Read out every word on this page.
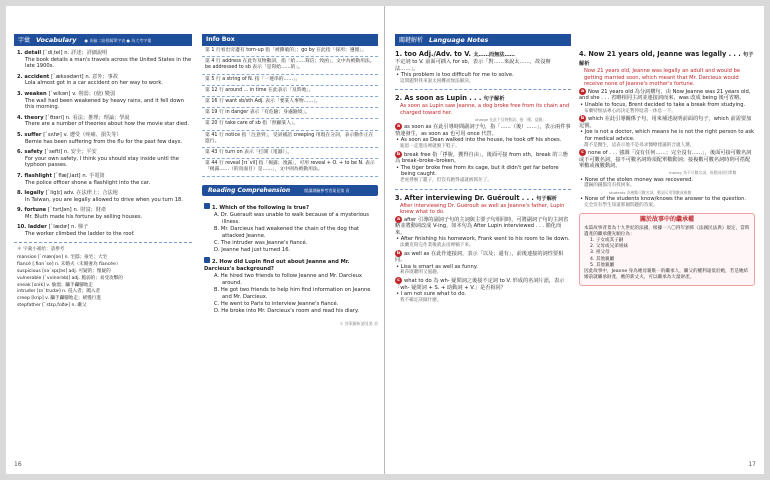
字彙 Vocabulary ● 英檢二級相關單字表 ● 為大考字彙
1. detail [ˋdiˌtel] n. 詳述；詳細說明
The book details a man's travels across the United States in the late 1900s.
2. accident [ˋæksədənt] n. 意外；事故
Lola almost got in a car accident on her way to work.
3. weaken [ˋwikən] v. 削弱；(使) 變弱
The wall had been weakened by heavy rains, and it fell down this morning.
4. theory [ˋθɪəri] n. 看法；推理；理論；學說
There are a number of theories about how the movie star died.
5. suffer [ˋsʌfɚ] v. 遭受（疼痛、損失等）
Bernie has been suffering from the flu for the past few days.
6. safety [ˋsefti] n. 安全；平安
For your own safety, I think you should stay inside until the typhoon passes.
7. flashlight [ˋflæʃˌlaɪt] n. 手電筒
The police officer shone a flashlight into the car.
8. legally [ˋligḷɪ] adv. 在法律上；合法地
In Taiwan, you are legally allowed to drive when you turn 18.
9. fortune [ˋfɔrtʃən] n. 財富；財產
Mr. Bluth made his fortune by selling houses.
10. ladder [ˋlædɚ] n. 梯子
The worker climbed the ladder to the roof.
＊ 字彙小補給：請參考
mansion [ˋmænʃən] n. 宅邸；豪宅；大宅
fiancé [ˌfiɑnˋse] n. 未婚夫（未婚妻為 fiancée）
suspicious [səˋspɪʃəs] adj. 可疑的；懷疑的
vulnerable [ˋvʌlnərəbḷ] adj. 脆弱的；易受攻擊的
sneak [snik] v. 偷溜；躡手躡腳地走
intruder [ɪnˋtrudɚ] n. 侵入者；闖入者
creep [krip] v. 躡手躡腳地走；緩慢行進
stepfather [ˋstɛpˌfɑðɚ] n. 繼父
Info Box
第 1 行看出旁邊有 torn-up 指「被撕破的」；go by 在此指「採用；遵循」。
第 4 行 address 在此作及物動詞，指「給……寫信；致函」，文中為被動用法。be addressed to sb 表示「是寫給……的」。
第 5 行 a string of N. 指「一連串的……」。
第 12 行 around ... in time 在此表示「及時地」。
第 16 行 want sb/sth Adj. 表示「要某人事物……」。
第 19 行 in danger 表示「有危險；身處險境」。
第 20 行 take care of sb 指「照顧某人」。
第 41 行 notice 指「注意到」，受詞補語 creeping 用現在分詞，表示動作正在進行。
第 43 行 turn on 表示「打開（電器）」。
第 44 行 reveal [rɪˋvil] 指「揭露；洩露」，可用 reveal + O. + to be N. 表示「揭露……（的真面目）是……」，文中則為被動用法。
Reading Comprehension	閱讀測驗參考答案見第 頁
1. Which of the following is true?
A. Dr. Guérault was unable to walk because of a mysterious illness.
B. Mr. Darcieux had weakened the chain of the dog that attacked Jeanne.
C. The intruder was Jeanne's fiancé.
D. Jeanne had just turned 16.
2. How did Lupin find out about Jeanne and Mr. Darcieux's background?
A. He hired two friends to follow Jeanne and Mr. Darcieux around.
B. He got two friends to help him find information on Jeanne and Mr. Darcieux.
C. He went to Paris to interview Jeanne's fiancé.
D. He broke into Mr. Darcieux's room and read his diary.
＊ 答案解析請見第 頁
16
關鍵解析 Language Notes
1. too Adj./Adv. to V. 太……而無法……
不定詞 to V. 前面可插入 for sb，表示「對……來說太……，故沒辦法……」。
• This problem is too difficult for me to solve.
這問題對我來說太困難而無法解決。
2. As soon as Lupin . . . 句子解析
As soon as Lupin saw Jeanne, a dog broke free from its chain and charged toward her.
charge 在此不及物動詞，指「衝；猛衝」
a as soon as 在此引導時間副詞子句，指「……（後）……」，表示兩件事情連發生，as soon as 也可用 once 代替。
• As soon as Dean walked into the house, he took off his shoes.
迪恩一走進房裡就脫下鞋子。
b break free 指「掙脫，獲得自由」，後面可接 from sth，break 的三態為 break–broke–broken。
• The tiger broke free from its cage, but it didn't get far before being caught.
老虎掙脫了籠子，但沒有跑得遠就被抓住了。
3. After interviewing Dr. Guéroult . . . 句子解析
After interviewing Dr. Guéroult as well as Jeanne's father, Lupin knew what to do.
a after 引導的副詞子句的主詞與主要子句相同時，可將副詞子句的主詞省略並將動詞改成 V-ing，如本句為 After Lupin interviewed . . . 簡化而來。
• After finishing his homework, Frank went to his room to lie down.
法蘭克寫完作業後就去房裡躺下來。
b as well as 在此作連接詞，表示「以及；還有」，前後連接的詞性要相同。
• Lisa is smart as well as funny.
莉莎既聰明又風趣。
c what to do 為 wh- 疑問詞之後接不定詞 to V. 形成的名詞片語，表示「wh- 疑問詞 + S. + 助動詞 + V.」是否相同？
• I am not sure what to do.
我不確定該做什麼。
4. Now 21 years old, Jeanne was legally . . . 句子解析
Now 21 years old, Jeanne was legally an adult and would be getting married soon, which meant that Mr. Darcieux would receive none of Jeanne's mother's fortune.
a Now 21 years old 為分詞構句，由 Now Jeanne was 21 years old, and she . . . 省略相同主詞並連接詞而來，was 改成 being 後可省略。
• Unable to focus, Brent decided to take a break from studying.
布蘭特無法專心而決定暫停唸書一休息一下。
b which 在此引導關係子句，用來補述說明前面的句子，which 前需要加逗號。
• Joe is not a doctor, which means he is not the right person to ask for medical advice.
喬不是醫生，這表示他不是尋求醫療建議的合適人選。
c none of . . . 強調「沒有任何……；完全沒有……」，後面可接可數名詞或不可數名詞，接不可數名詞時須配單數動詞；接複數可數名詞時則可搭配單數或複數動詞。
money 為不可數名詞，故動詞須用單數
• None of the stolen money was recovered.
遭竊的錢都沒有找回來。
students 為複數可數名詞，動詞可用單數或複數
• None of the students know/knows the answer to the question.
完全沒有學生知道那個問題的答案。
關於故事中的繼承權
本篇故事背景為十九世紀的法國，根據一八〇四年頒佈《法國民法典》規定，當時遺產的繼承優先順位為：
1. 子女或其子嗣
2. 父母或兄弟姐妹
3. 祖父母
4. 其他親屬
5. 其他親屬
因此故事中，Jeanne 身為她母親唯一的繼承人，繼父的權利遠低於她，若是她結婚前就繼承財產，她的新丈夫，可以繼承為大量財產。
17
